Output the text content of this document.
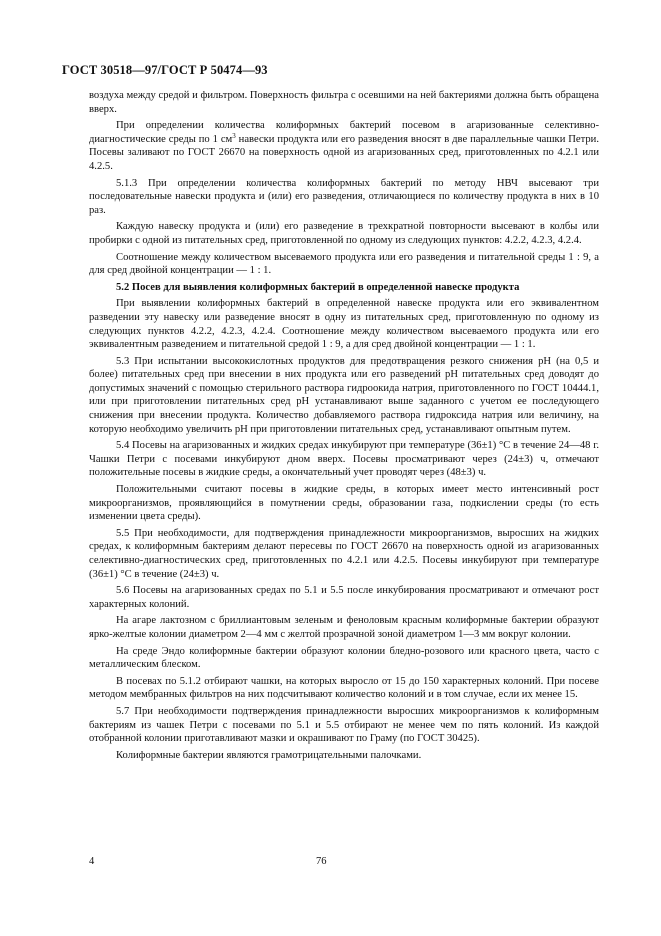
ГОСТ 30518—97/ГОСТ Р 50474—93

воздуха между средой и фильтром. Поверхность фильтра с осевшими на ней бактериями должна быть обращена вверх.

При определении количества колиформных бактерий посевом в агаризованные селективно-диагностические среды по 1 $см^3$ навески продукта или его разведения вносят в две параллельные чашки Петри. Посевы заливают по ГОСТ 26670 на поверхность одной из агаризованных сред, приготовленных по 4.2.1 или 4.2.5.

5.1.3 При определении количества колиформных бактерий по методу НВЧ высевают три последовательные навески продукта и (или) его разведения, отличающиеся по количеству продукта в них в 10 раз.

Каждую навеску продукта и (или) его разведение в трехкратной повторности высевают в колбы или пробирки с одной из питательных сред, приготовленной по одному из следующих пунктов: 4.2.2, 4.2.3, 4.2.4.

Соотношение между количеством высеваемого продукта или его разведения и питательной среды 1 : 9, а для сред двойной концентрации — 1 : 1.

5.2 Посев для выявления колиформных бактерий в определенной навеске продукта

При выявлении колиформных бактерий в определенной навеске продукта или его эквивалентном разведении эту навеску или разведение вносят в одну из питательных сред, приготовленную по одному из следующих пунктов 4.2.2, 4.2.3, 4.2.4. Соотношение между количеством высеваемого продукта или его эквивалентным разведением и питательной средой 1 : 9, а для сред двойной концентрации — 1 : 1.

5.3 При испытании высококислотных продуктов для предотвращения резкого снижения pH (на 0,5 и более) питательных сред при внесении в них продукта или его разведений pH питательных сред доводят до допустимых значений с помощью стерильного раствора гидроокида натрия, приготовленного по ГОСТ 10444.1, или при приготовлении питательных сред pH устанавливают выше заданного с учетом ее последующего снижения при внесении продукта. Количество добавляемого раствора гидроксида натрия или величину, на которую необходимо увеличить pH при приготовлении питательных сред, устанавливают опытным путем.

5.4 Посевы на агаризованных и жидких средах инкубируют при температуре (36±1) °С в течение 24—48 г. Чашки Петри с посевами инкубируют дном вверх. Посевы просматривают через (24±3) ч, отмечают положительные посевы в жидкие среды, а окончательный учет проводят через (48±3) ч.

Положительными считают посевы в жидкие среды, в которых имеет место интенсивный рост микроорганизмов, проявляющийся в помутнении среды, образовании газа, подкислении среды (то есть изменении цвета среды).

5.5 При необходимости, для подтверждения принадлежности микроорганизмов, выросших на жидких средах, к колиформным бактериям делают пересевы по ГОСТ 26670 на поверхность одной из агаризованных селективно-диагностических сред, приготовленных по 4.2.1 или 4.2.5. Посевы инкубируют при температуре (36±1) °С в течение (24±3) ч.

5.6 Посевы на агаризованных средах по 5.1 и 5.5 после инкубирования просматривают и отмечают рост характерных колоний.

На агаре лактозном с бриллиантовым зеленым и феноловым красным колиформные бактерии образуют ярко-желтые колонии диаметром 2—4 мм с желтой прозрачной зоной диаметром 1—3 мм вокруг колонии.

На среде Эндо колиформные бактерии образуют колонии бледно-розового или красного цвета, часто с металлическим блеском.

В посевах по 5.1.2 отбирают чашки, на которых выросло от 15 до 150 характерных колоний. При посеве методом мембранных фильтров на них подсчитывают количество колоний и в том случае, если их менее 15.

5.7 При необходимости подтверждения принадлежности выросших микроорганизмов к колиформным бактериям из чашек Петри с посевами по 5.1 и 5.5 отбирают не менее чем по пять колоний. Из каждой отобранной колонии приготавливают мазки и окрашивают по Граму (по ГОСТ 30425).

Колиформные бактерии являются грамотрицательными палочками.

4	76
